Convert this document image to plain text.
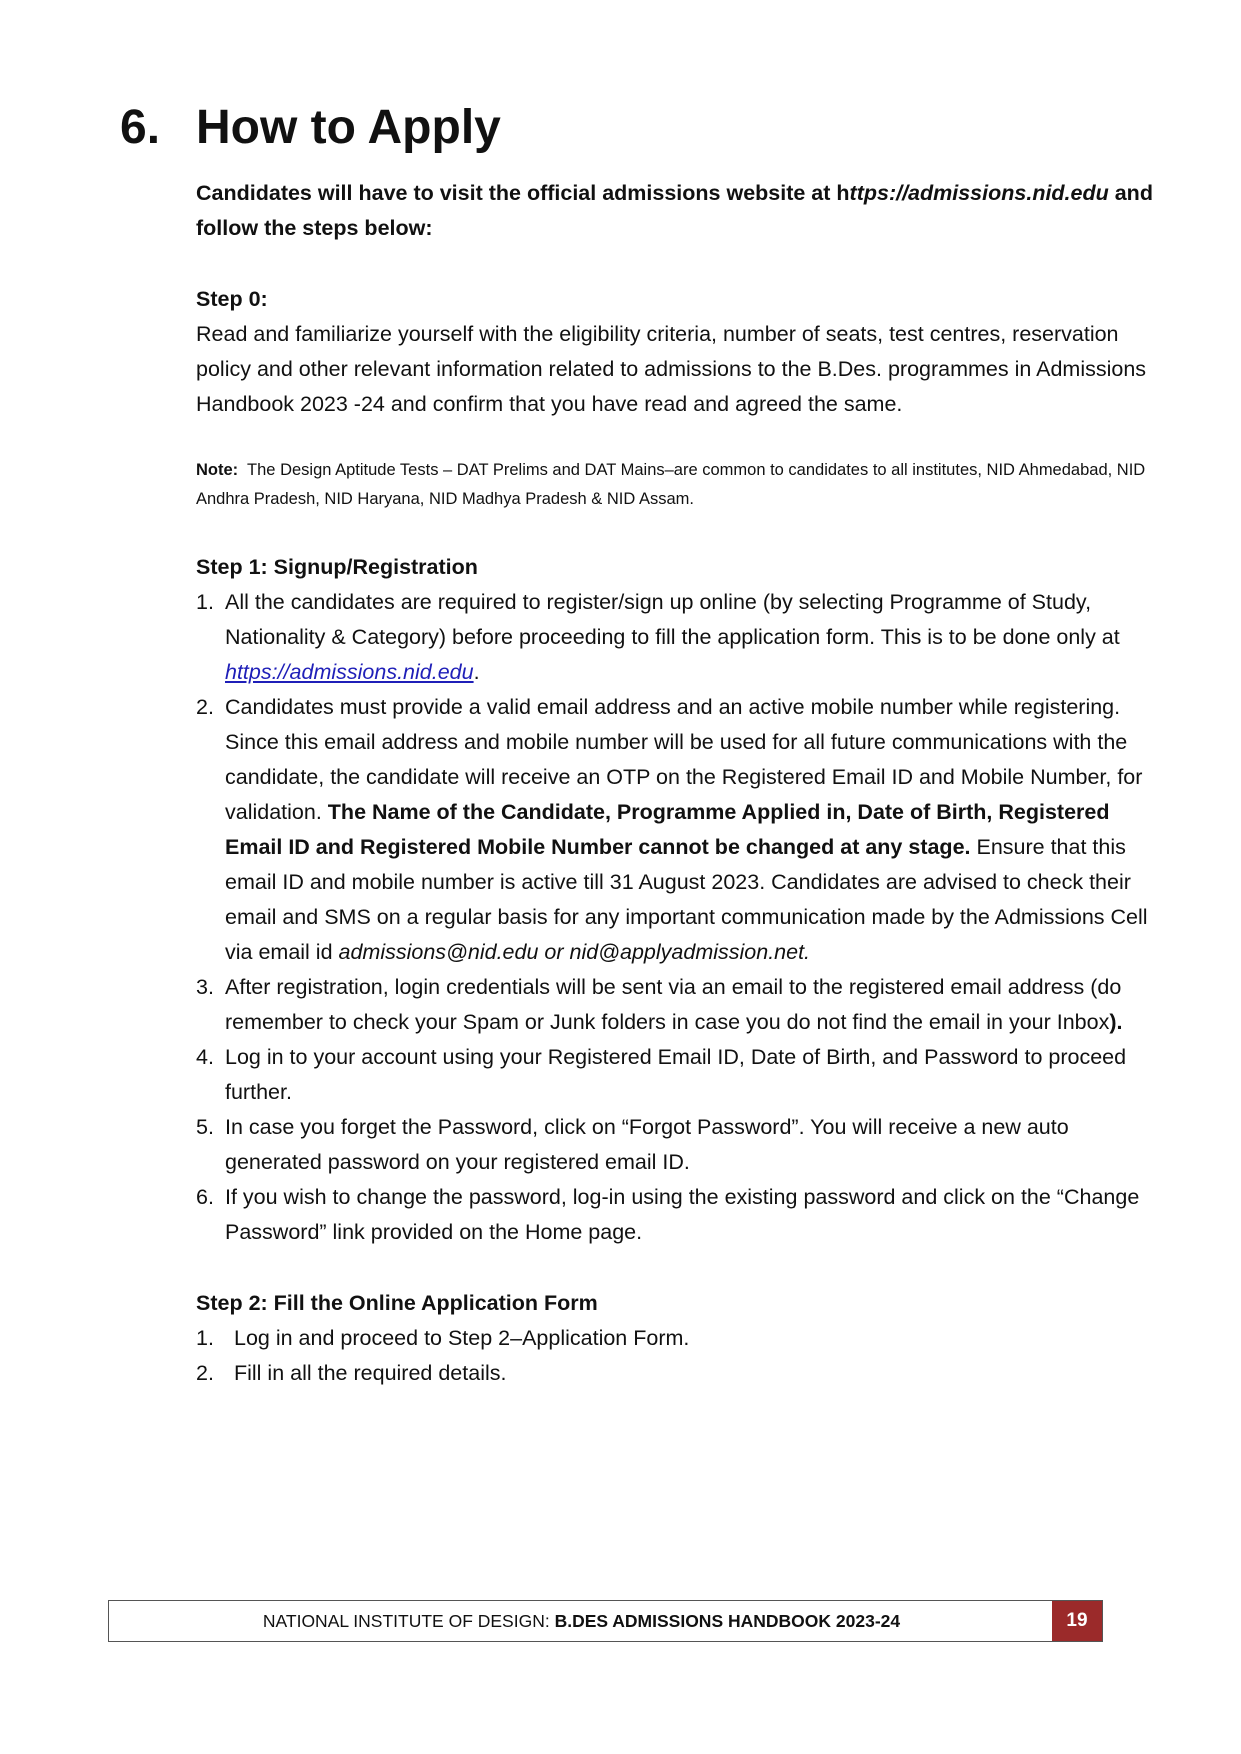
6. How to Apply

Candidates will have to visit the official admissions website at https://admissions.nid.edu and follow the steps below:

Step 0:

Read and familiarize yourself with the eligibility criteria, number of seats, test centres, reservation policy and other relevant information related to admissions to the B.Des. programmes in Admissions Handbook 2023 -24 and confirm that you have read and agreed the same.

Note: The Design Aptitude Tests – DAT Prelims and DAT Mains–are common to candidates to all institutes, NID Ahmedabad, NID Andhra Pradesh, NID Haryana, NID Madhya Pradesh & NID Assam.

Step 1: Signup/Registration

1. All the candidates are required to register/sign up online (by selecting Programme of Study, Nationality & Category) before proceeding to fill the application form. This is to be done only at https://admissions.nid.edu.
2. Candidates must provide a valid email address and an active mobile number while registering. Since this email address and mobile number will be used for all future communications with the candidate, the candidate will receive an OTP on the Registered Email ID and Mobile Number, for validation. The Name of the Candidate, Programme Applied in, Date of Birth, Registered Email ID and Registered Mobile Number cannot be changed at any stage. Ensure that this email ID and mobile number is active till 31 August 2023. Candidates are advised to check their email and SMS on a regular basis for any important communication made by the Admissions Cell via email id admissions@nid.edu or nid@applyadmission.net.
3. After registration, login credentials will be sent via an email to the registered email address (do remember to check your Spam or Junk folders in case you do not find the email in your Inbox).
4. Log in to your account using your Registered Email ID, Date of Birth, and Password to proceed further.
5. In case you forget the Password, click on “Forgot Password”. You will receive a new auto generated password on your registered email ID.
6. If you wish to change the password, log-in using the existing password and click on the “Change Password” link provided on the Home page.

Step 2: Fill the Online Application Form

1. Log in and proceed to Step 2–Application Form.
2. Fill in all the required details.
NATIONAL INSTITUTE OF DESIGN: B.DES ADMISSIONS HANDBOOK 2023-24	19
